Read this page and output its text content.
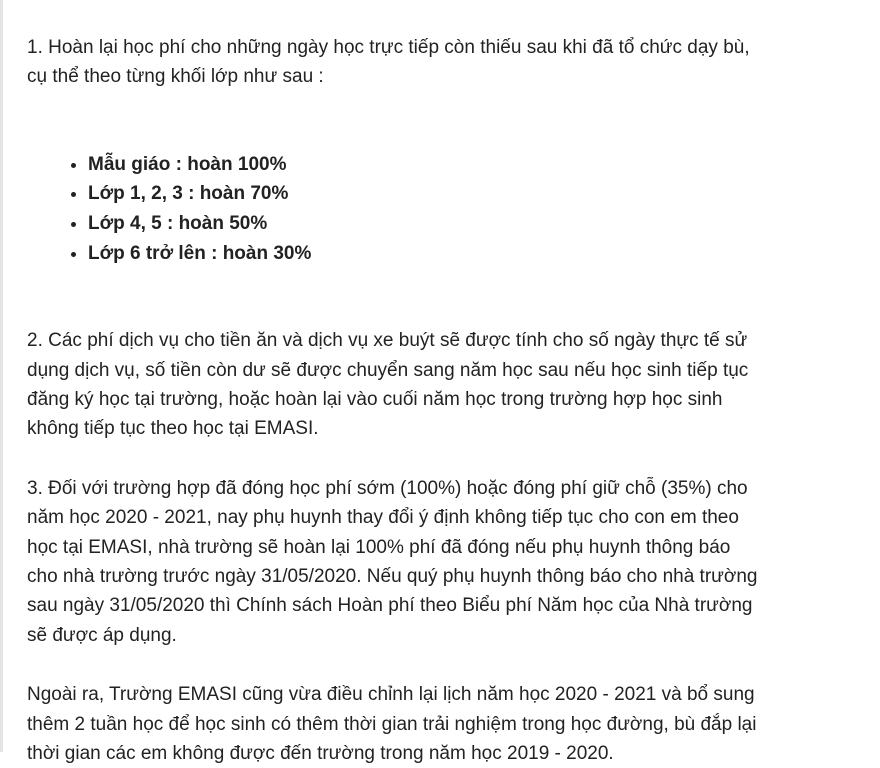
1. Hoàn lại học phí cho những ngày học trực tiếp còn thiếu sau khi đã tổ chức dạy bù,
cụ thể theo từng khối lớp như sau :

• Mẫu giáo : hoàn 100%
• Lớp 1, 2, 3 : hoàn 70%
• Lớp 4, 5 : hoàn 50%
• Lớp 6 trở lên : hoàn 30%

2. Các phí dịch vụ cho tiền ăn và dịch vụ xe buýt sẽ được tính cho số ngày thực tế sử
dụng dịch vụ, số tiền còn dư sẽ được chuyển sang năm học sau nếu học sinh tiếp tục
đăng ký học tại trường, hoặc hoàn lại vào cuối năm học trong trường hợp học sinh
không tiếp tục theo học tại EMASI.

3. Đối với trường hợp đã đóng học phí sớm (100%) hoặc đóng phí giữ chỗ (35%) cho
năm học 2020 - 2021, nay phụ huynh thay đổi ý định không tiếp tục cho con em theo
học tại EMASI, nhà trường sẽ hoàn lại 100% phí đã đóng nếu phụ huynh thông báo
cho nhà trường trước ngày 31/05/2020. Nếu quý phụ huynh thông báo cho nhà trường
sau ngày 31/05/2020 thì Chính sách Hoàn phí theo Biểu phí Năm học của Nhà trường
sẽ được áp dụng.

Ngoài ra, Trường EMASI cũng vừa điều chỉnh lại lịch năm học 2020 - 2021 và bổ sung
thêm 2 tuần học để học sinh có thêm thời gian trải nghiệm trong học đường, bù đắp lại
thời gian các em không được đến trường trong năm học 2019 - 2020.
